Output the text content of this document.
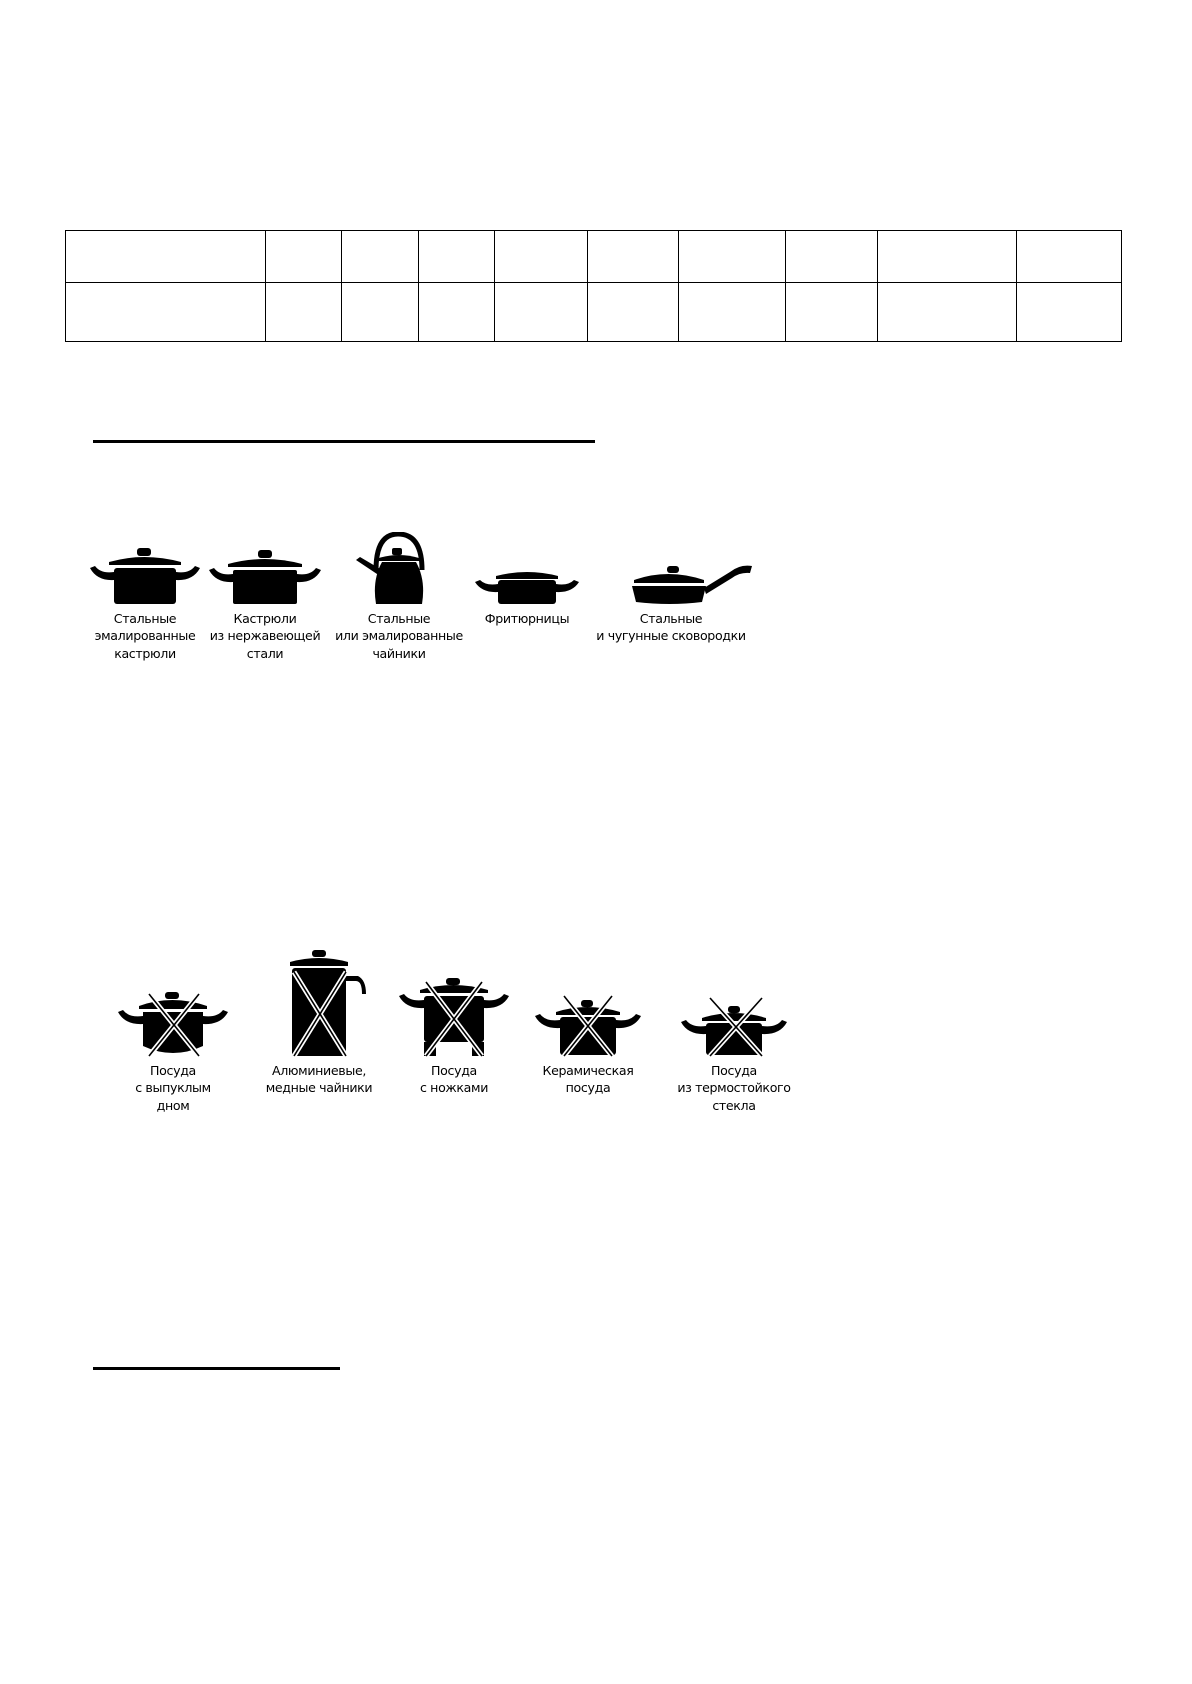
Стальные
эмалированные
кастрюли
Кастрюли
из нержавеющей
стали
Стальные
или эмалированные
чайники
Фритюрницы	Стальные
и чугунные сковородки
Посуда
с выпуклым
дном
Алюминиевые,
медные чайники
Посуда
с ножками
Керамическая
посуда
Посуда
из термостойкого
стекла
